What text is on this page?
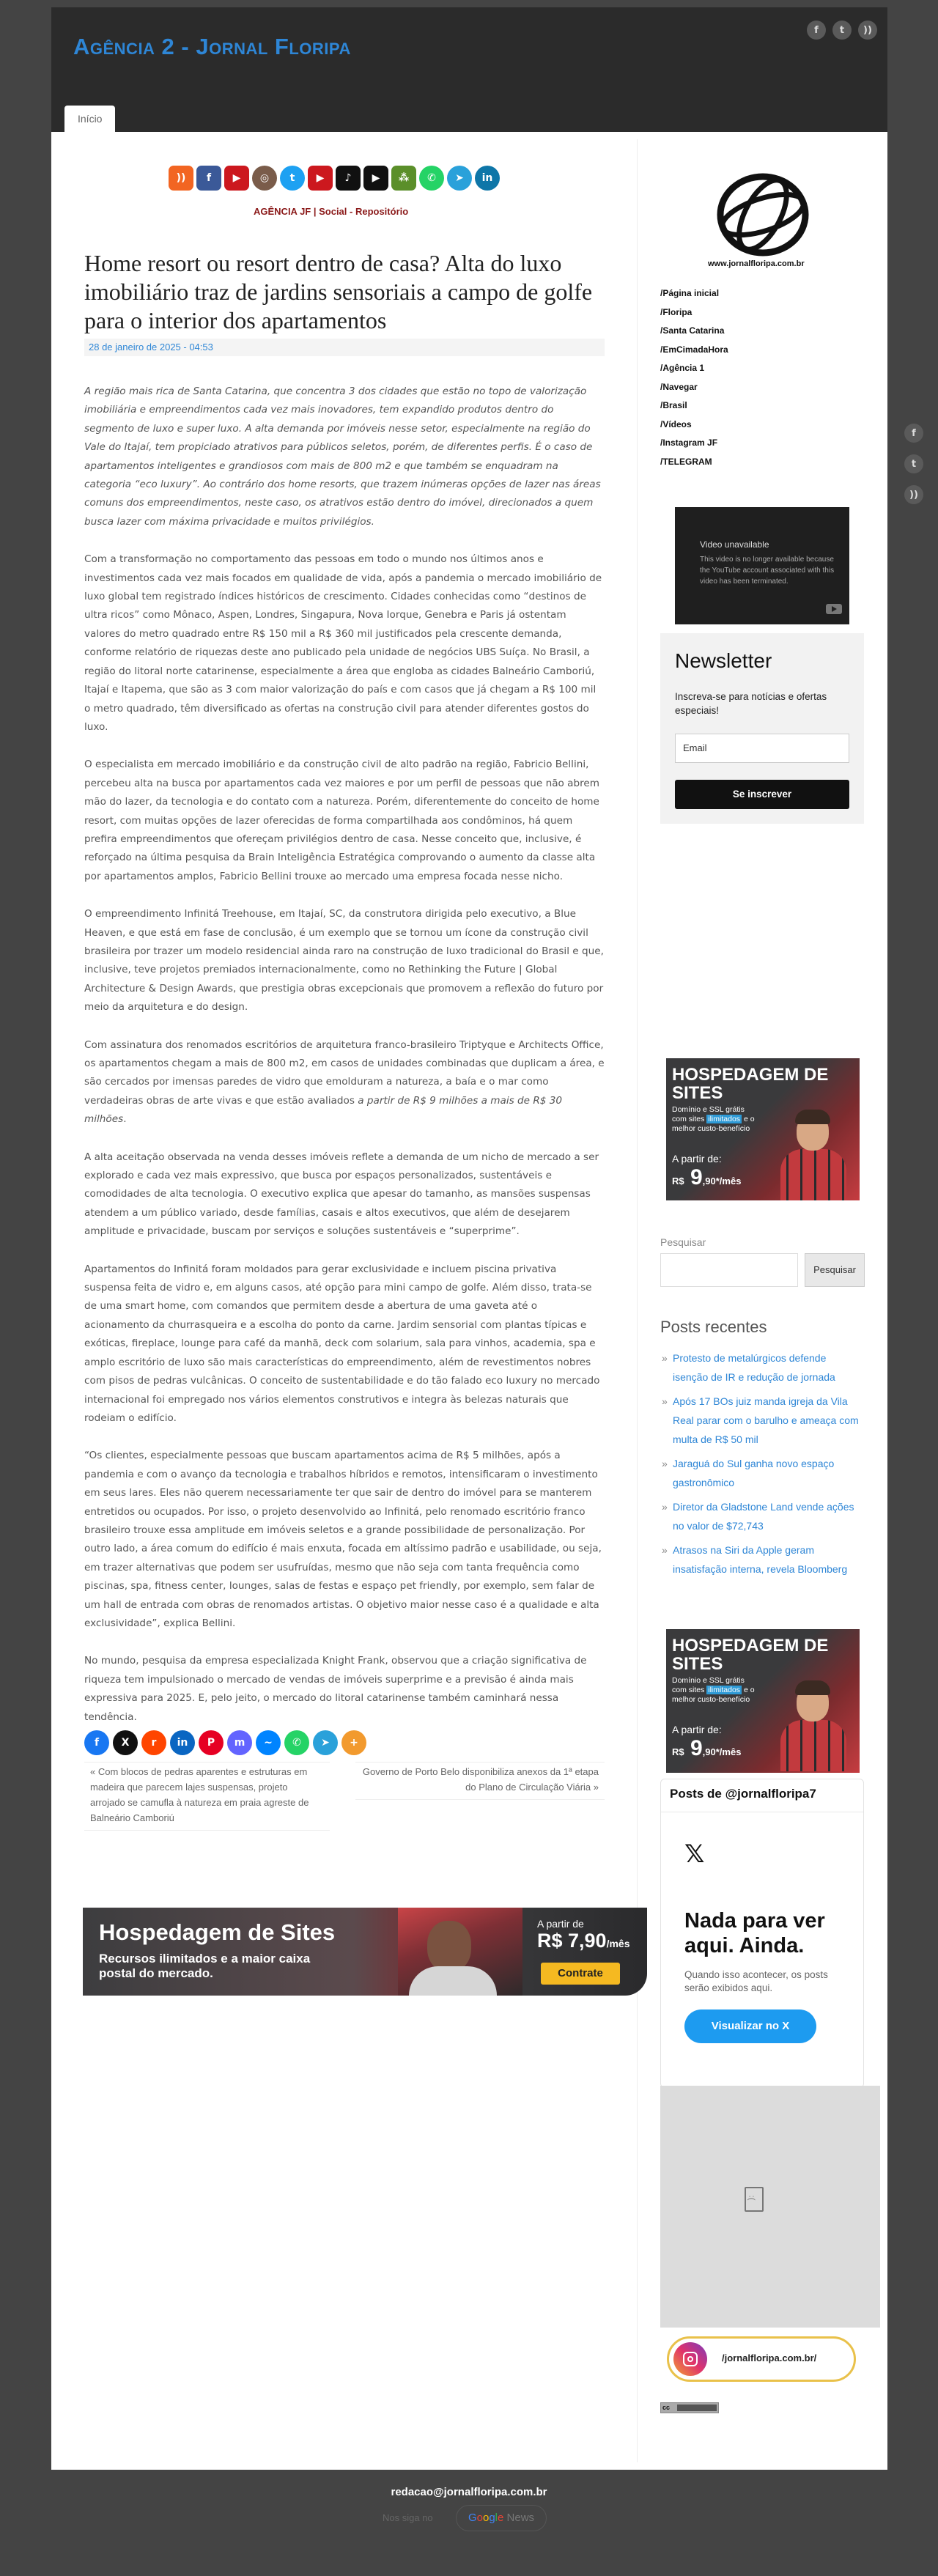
Agência 2 - Jornal Floripa
f	t	))
Início
f
t
))
))	f	▶	◎	t	▶	♪	▶	⁂	✆	➤	in
AGÊNCIA JF | Social - Repositório
Home resort ou resort dentro de casa? Alta do luxo imobiliário traz de jardins sensoriais a campo de golfe para o interior dos apartamentos
28 de janeiro de 2025 - 04:53

A região mais rica de Santa Catarina, que concentra 3 dos cidades que estão no topo de valorização imobiliária e empreendimentos cada vez mais inovadores, tem expandido produtos dentro do segmento de luxo e super luxo. A alta demanda por imóveis nesse setor, especialmente na região do Vale do Itajaí, tem propiciado atrativos para públicos seletos, porém, de diferentes perfis. É o caso de apartamentos inteligentes e grandiosos com mais de 800 m2 e que também se enquadram na categoria “eco luxury”. Ao contrário dos home resorts, que trazem inúmeras opções de lazer nas áreas comuns dos empreendimentos, neste caso, os atrativos estão dentro do imóvel, direcionados a quem busca lazer com máxima privacidade e muitos privilégios.

Com a transformação no comportamento das pessoas em todo o mundo nos últimos anos e investimentos cada vez mais focados em qualidade de vida, após a pandemia o mercado imobiliário de luxo global tem registrado índices históricos de crescimento. Cidades conhecidas como “destinos de ultra ricos” como Mônaco, Aspen, Londres, Singapura, Nova Iorque, Genebra e Paris já ostentam valores do metro quadrado entre R$ 150 mil a R$ 360 mil justificados pela crescente demanda, conforme relatório de riquezas deste ano publicado pela unidade de negócios UBS Suíça. No Brasil, a região do litoral norte catarinense, especialmente a área que engloba as cidades Balneário Camboriú, Itajaí e Itapema, que são as 3 com maior valorização do país e com casos que já chegam a R$ 100 mil o metro quadrado, têm diversificado as ofertas na construção civil para atender diferentes gostos do luxo.

O especialista em mercado imobiliário e da construção civil de alto padrão na região, Fabricio Bellini, percebeu alta na busca por apartamentos cada vez maiores e por um perfil de pessoas que não abrem mão do lazer, da tecnologia e do contato com a natureza. Porém, diferentemente do conceito de home resort, com muitas opções de lazer oferecidas de forma compartilhada aos condôminos, há quem prefira empreendimentos que ofereçam privilégios dentro de casa. Nesse conceito que, inclusive, é reforçado na última pesquisa da Brain Inteligência Estratégica comprovando o aumento da classe alta por apartamentos amplos, Fabricio Bellini trouxe ao mercado uma empresa focada nesse nicho.

O empreendimento Infinitá Treehouse, em Itajaí, SC, da construtora dirigida pelo executivo, a Blue Heaven, e que está em fase de conclusão, é um exemplo que se tornou um ícone da construção civil brasileira por trazer um modelo residencial ainda raro na construção de luxo tradicional do Brasil e que, inclusive, teve projetos premiados internacionalmente, como no Rethinking the Future | Global Architecture & Design Awards, que prestigia obras excepcionais que promovem a reflexão do futuro por meio da arquitetura e do design.

Com assinatura dos renomados escritórios de arquitetura franco-brasileiro Triptyque e Architects Office, os apartamentos chegam a mais de 800 m2, em casos de unidades combinadas que duplicam a área, e são cercados por imensas paredes de vidro que emolduram a natureza, a baía e o mar como verdadeiras obras de arte vivas e que estão avaliados a partir de R$ 9 milhões a mais de R$ 30 milhões.

A alta aceitação observada na venda desses imóveis reflete a demanda de um nicho de mercado a ser explorado e cada vez mais expressivo, que busca por espaços personalizados, sustentáveis e comodidades de alta tecnologia. O executivo explica que apesar do tamanho, as mansões suspensas atendem a um público variado, desde famílias, casais e altos executivos, que além de desejarem amplitude e privacidade, buscam por serviços e soluções sustentáveis e “superprime”.

Apartamentos do Infinitá foram moldados para gerar exclusividade e incluem piscina privativa suspensa feita de vidro e, em alguns casos, até opção para mini campo de golfe. Além disso, trata-se de uma smart home, com comandos que permitem desde a abertura de uma gaveta até o acionamento da churrasqueira e a escolha do ponto da carne. Jardim sensorial com plantas típicas e exóticas, fireplace, lounge para café da manhã, deck com solarium, sala para vinhos, academia, spa e amplo escritório de luxo são mais características do empreendimento, além de revestimentos nobres com pisos de pedras vulcânicas. O conceito de sustentabilidade e do tão falado eco luxury no mercado internacional foi empregado nos vários elementos construtivos e integra às belezas naturais que rodeiam o edifício.

“Os clientes, especialmente pessoas que buscam apartamentos acima de R$ 5 milhões, após a pandemia e com o avanço da tecnologia e trabalhos híbridos e remotos, intensificaram o investimento em seus lares. Eles não querem necessariamente ter que sair de dentro do imóvel para se manterem entretidos ou ocupados. Por isso, o projeto desenvolvido ao Infinitá, pelo renomado escritório franco brasileiro trouxe essa amplitude em imóveis seletos e a grande possibilidade de personalização. Por outro lado, a área comum do edifício é mais enxuta, focada em altíssimo padrão e usabilidade, ou seja, em trazer alternativas que podem ser usufruídas, mesmo que não seja com tanta frequência como piscinas, spa, fitness center, lounges, salas de festas e espaço pet friendly, por exemplo, sem falar de um hall de entrada com obras de renomados artistas. O objetivo maior nesse caso é a qualidade e alta exclusividade”, explica Bellini.

No mundo, pesquisa da empresa especializada Knight Frank, observou que a criação significativa de riqueza tem impulsionado o mercado de vendas de imóveis superprime e a previsão é ainda mais expressiva para 2025. E, pelo jeito, o mercado do litoral catarinense também caminhará nessa tendência.

f	X	r	in	P	m	~	✆	➤	+
« Com blocos de pedras aparentes e estruturas em madeira que parecem lajes suspensas, projeto arrojado se camufla à natureza em praia agreste de Balneário Camboriú
Governo de Porto Belo disponibiliza anexos da 1ª etapa do Plano de Circulação Viária »
Hospedagem de Sites
Recursos ilimitados e a maior caixa postal do mercado.
A partir de
R$ 7,90/mês
Contrate
www.jornalfloripa.com.br
/Página inicial
/Floripa
/Santa Catarina
/EmCimadaHora
/Agência 1
/Navegar
/Brasil
/Vídeos
/Instagram JF
/TELEGRAM
Video unavailable
This video is no longer available because the YouTube account associated with this video has been terminated.
Newsletter
Inscreva-se para notícias e ofertas especiais!
Email
Se inscrever
HOSPEDAGEM DE SITES
Domínio e SSL grátis com sites ilimitados e o melhor custo-benefício
A partir de:
R$ 9,90*/mês
Pesquisar
Pesquisar
Posts recentes
» Protesto de metalúrgicos defende isenção de IR e redução de jornada
» Após 17 BOs juiz manda igreja da Vila Real parar com o barulho e ameaça com multa de R$ 50 mil
» Jaraguá do Sul ganha novo espaço gastronômico
» Diretor da Gladstone Land vende ações no valor de $72,743
» Atrasos na Siri da Apple geram insatisfação interna, revela Bloomberg
HOSPEDAGEM DE SITES
Domínio e SSL grátis com sites ilimitados e o melhor custo-benefício
A partir de:
R$ 9,90*/mês
Posts de @jornalfloripa7
𝕏
Nada para ver aqui. Ainda.
Quando isso acontecer, os posts serão exibidos aqui.
Visualizar no X
:(
/jornalfloripa.com.br/
cc
redacao@jornalfloripa.com.br
Nos siga no	Google News
